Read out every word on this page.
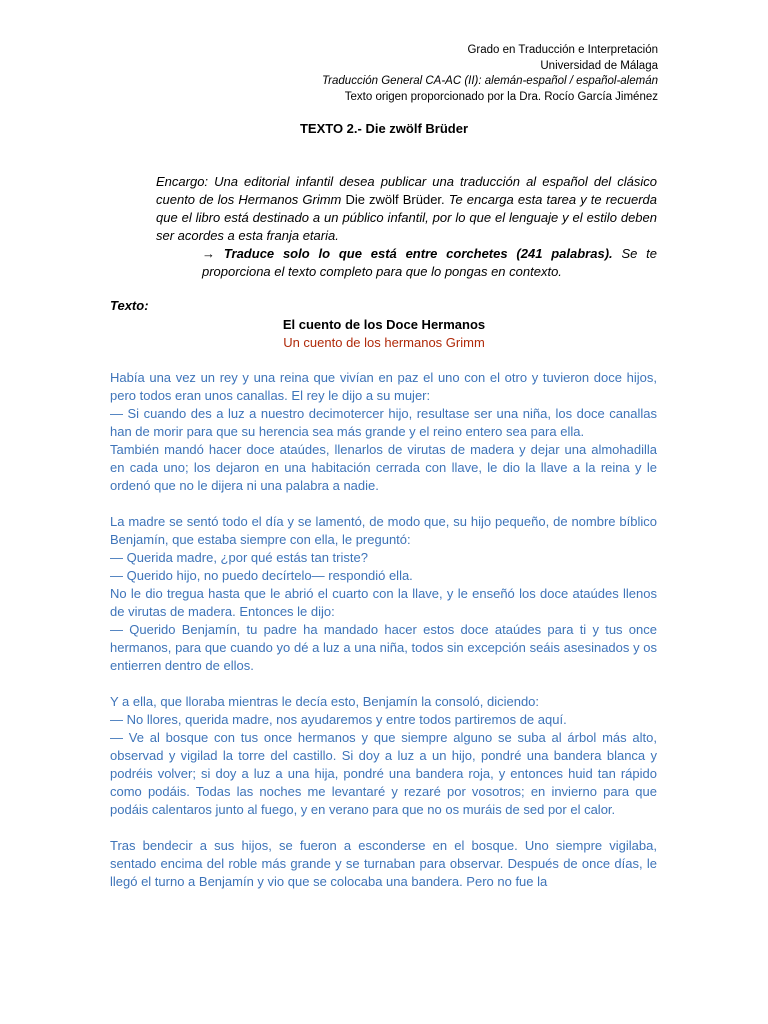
Grado en Traducción e Interpretación
Universidad de Málaga
Traducción General CA-AC (II): alemán-español / español-alemán
Texto origen proporcionado por la Dra. Rocío García Jiménez
TEXTO 2.- Die zwölf Brüder
Encargo: Una editorial infantil desea publicar una traducción al español del clásico cuento de los Hermanos Grimm Die zwölf Brüder. Te encarga esta tarea y te recuerda que el libro está destinado a un público infantil, por lo que el lenguaje y el estilo deben ser acordes a esta franja etaria.
→ Traduce solo lo que está entre corchetes (241 palabras). Se te proporciona el texto completo para que lo pongas en contexto.
Texto:
El cuento de los Doce Hermanos
Un cuento de los hermanos Grimm

Había una vez un rey y una reina que vivían en paz el uno con el otro y tuvieron doce hijos, pero todos eran unos canallas. El rey le dijo a su mujer:
— Si cuando des a luz a nuestro decimotercer hijo, resultase ser una niña, los doce canallas han de morir para que su herencia sea más grande y el reino entero sea para ella.
También mandó hacer doce ataúdes, llenarlos de virutas de madera y dejar una almohadilla en cada uno; los dejaron en una habitación cerrada con llave, le dio la llave a la reina y le ordenó que no le dijera ni una palabra a nadie.

La madre se sentó todo el día y se lamentó, de modo que, su hijo pequeño, de nombre bíblico Benjamín, que estaba siempre con ella, le preguntó:
— Querida madre, ¿por qué estás tan triste?
— Querido hijo, no puedo decírtelo— respondió ella.
No le dio tregua hasta que le abrió el cuarto con la llave, y le enseñó los doce ataúdes llenos de virutas de madera. Entonces le dijo:
— Querido Benjamín, tu padre ha mandado hacer estos doce ataúdes para ti y tus once hermanos, para que cuando yo dé a luz a una niña, todos sin excepción seáis asesinados y os entierren dentro de ellos.

Y a ella, que lloraba mientras le decía esto, Benjamín la consoló, diciendo:
— No llores, querida madre, nos ayudaremos y entre todos partiremos de aquí.
— Ve al bosque con tus once hermanos y que siempre alguno se suba al árbol más alto, observad y vigilad la torre del castillo. Si doy a luz a un hijo, pondré una bandera blanca y podréis volver; si doy a luz a una hija, pondré una bandera roja, y entonces huid tan rápido como podáis. Todas las noches me levantaré y rezaré por vosotros; en invierno para que podáis calentaros junto al fuego, y en verano para que no os muráis de sed por el calor.

Tras bendecir a sus hijos, se fueron a esconderse en el bosque. Uno siempre vigilaba, sentado encima del roble más grande y se turnaban para observar. Después de once días, le llegó el turno a Benjamín y vio que se colocaba una bandera. Pero no fue la
